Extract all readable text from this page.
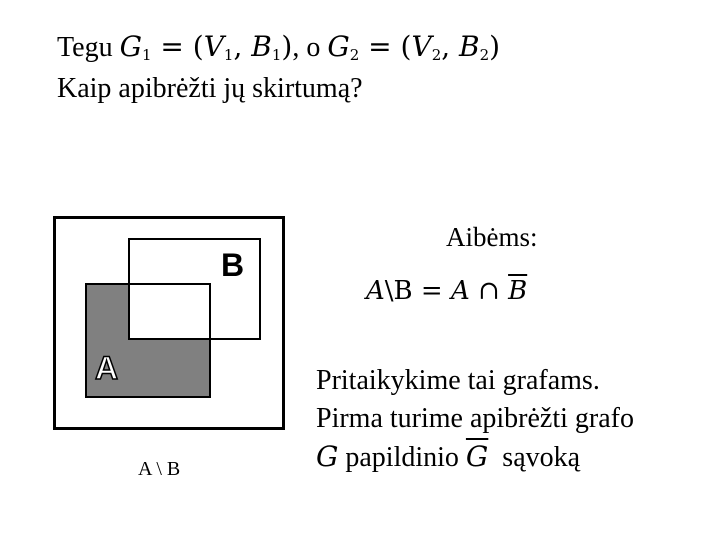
Tegu $G_1 = (V_1$, $B_1$), o $G_2 = (V_2$, $B_2$)
Kaip apibrėžti jų skirtumą?
B
A
A \ B
Aibėms:
A\B = A ∩ $\overline{B}$
Pritaikykime tai grafams.
Pirma turime apibrėžti grafo
G papildinio $\overline{G}$  sąvoką
